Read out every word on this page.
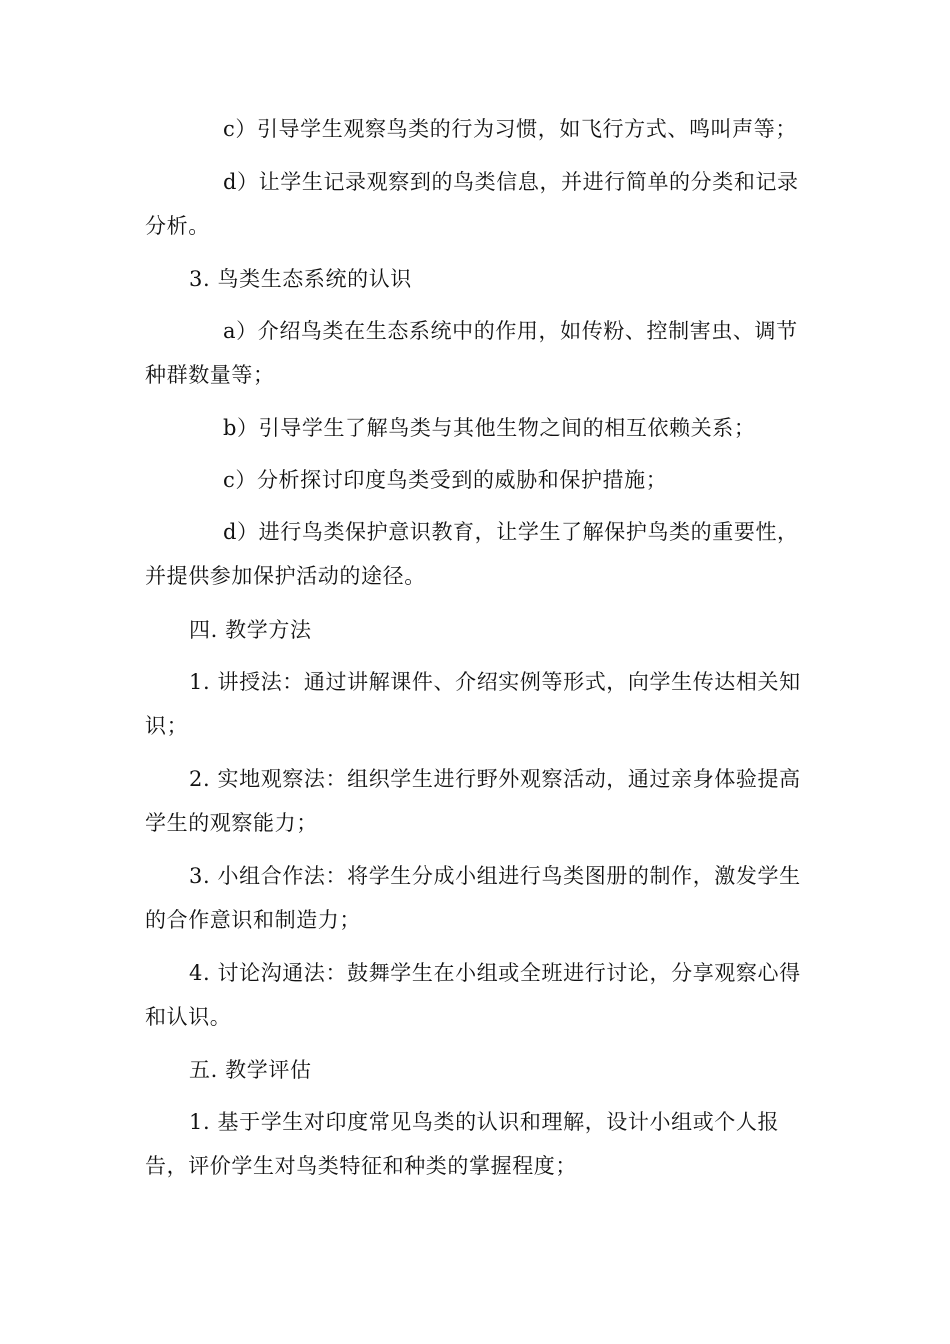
c）引导学生观察鸟类的行为习惯，如飞行方式、鸣叫声等；

d）让学生记录观察到的鸟类信息，并进行简单的分类和记录分析。

3. 鸟类生态系统的认识

a）介绍鸟类在生态系统中的作用，如传粉、控制害虫、调节种群数量等；

b）引导学生了解鸟类与其他生物之间的相互依赖关系；

c）分析探讨印度鸟类受到的威胁和保护措施；

d）进行鸟类保护意识教育，让学生了解保护鸟类的重要性，并提供参加保护活动的途径。

四. 教学方法

1. 讲授法：通过讲解课件、介绍实例等形式，向学生传达相关知识；

2. 实地观察法：组织学生进行野外观察活动，通过亲身体验提高学生的观察能力；

3. 小组合作法：将学生分成小组进行鸟类图册的制作，激发学生的合作意识和制造力；

4. 讨论沟通法：鼓舞学生在小组或全班进行讨论，分享观察心得和认识。

五. 教学评估

1. 基于学生对印度常见鸟类的认识和理解，设计小组或个人报告，评价学生对鸟类特征和种类的掌握程度；
